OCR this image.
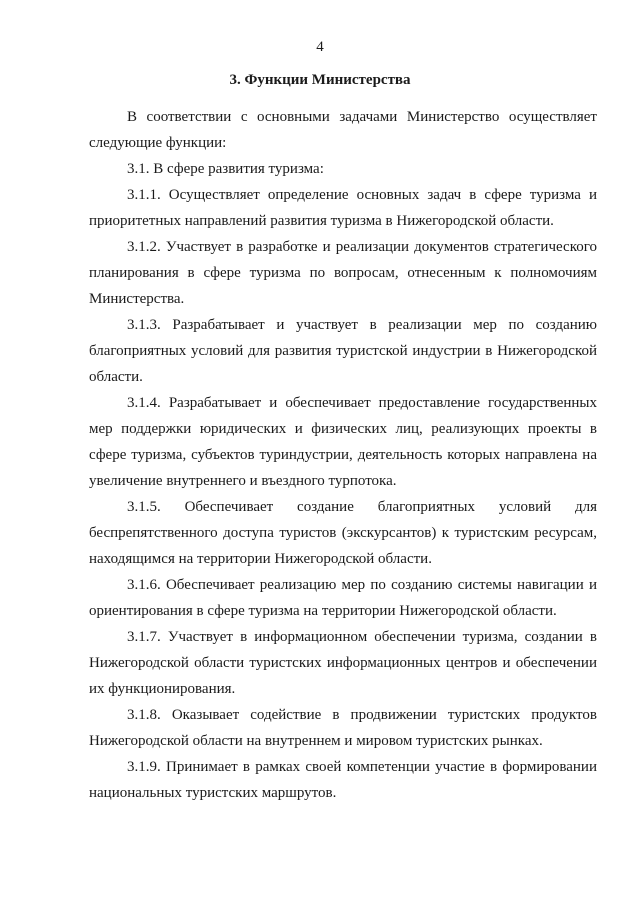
4
3. Функции Министерства

В соответствии с основными задачами Министерство осуществляет следующие функции:

3.1. В сфере развития туризма:

3.1.1. Осуществляет определение основных задач в сфере туризма и приоритетных направлений развития туризма в Нижегородской области.

3.1.2. Участвует в разработке и реализации документов стратегического планирования в сфере туризма по вопросам, отнесенным к полномочиям Министерства.

3.1.3. Разрабатывает и участвует в реализации мер по созданию благоприятных условий для развития туристской индустрии в Нижегородской области.

3.1.4. Разрабатывает и обеспечивает предоставление государственных мер поддержки юридических и физических лиц, реализующих проекты в сфере туризма, субъектов туриндустрии, деятельность которых направлена на увеличение внутреннего и въездного турпотока.

3.1.5. Обеспечивает создание благоприятных условий для беспрепятственного доступа туристов (экскурсантов) к туристским ресурсам, находящимся на территории Нижегородской области.

3.1.6. Обеспечивает реализацию мер по созданию системы навигации и ориентирования в сфере туризма на территории Нижегородской области.

3.1.7. Участвует в информационном обеспечении туризма, создании в Нижегородской области туристских информационных центров и обеспечении их функционирования.

3.1.8. Оказывает содействие в продвижении туристских продуктов Нижегородской области на внутреннем и мировом туристских рынках.

3.1.9. Принимает в рамках своей компетенции участие в формировании национальных туристских маршрутов.
